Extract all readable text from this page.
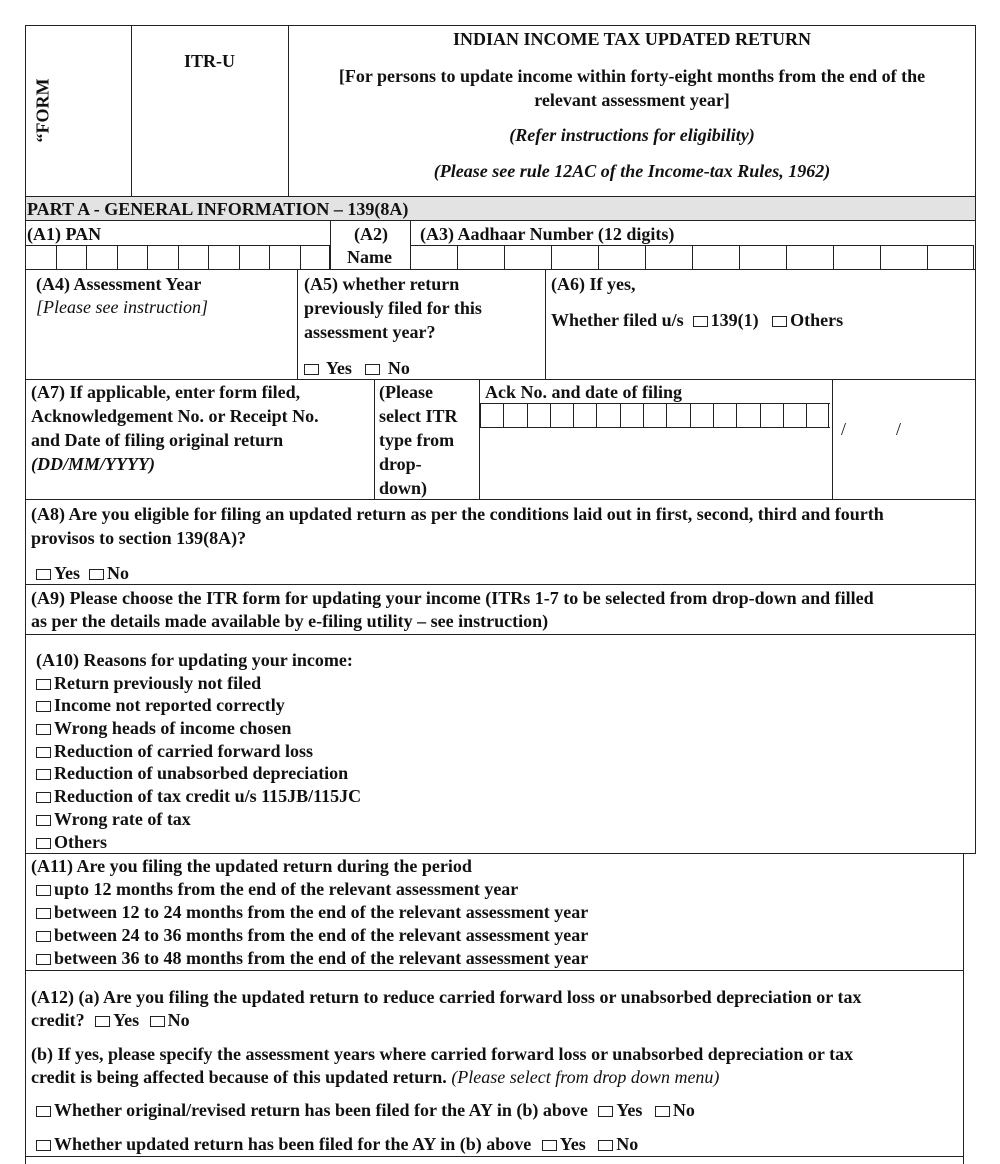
“FORM
ITR-U
INDIAN INCOME TAX UPDATED RETURN
[For persons to update income within forty-eight months from the end of the
relevant assessment year]
(Refer instructions for eligibility)
(Please see rule 12AC of the Income-tax Rules, 1962)
PART A - GENERAL INFORMATION – 139(8A)
(A1) PAN	(A2)
Name
(A3) Aadhaar Number (12 digits)
(A4) Assessment Year
[Please see instruction]
(A5) whether return
previously filed for this
assessment year?
Yes No
(A6) If yes,
Whether filed u/s 139(1) Others
(A7) If applicable, enter form filed,
Acknowledgement No. or Receipt No.
and Date of filing original return
(DD/MM/YYYY)
(Please
select ITR
type from
drop-
down)
Ack No. and date of filing
/	/
(A8) Are you eligible for filing an updated return as per the conditions laid out in first, second, third and fourth
provisos to section 139(8A)?
Yes No
(A9) Please choose the ITR form for updating your income (ITRs 1-7 to be selected from drop-down and filled
as per the details made available by e-filing utility – see instruction)
(A10) Reasons for updating your income:
Return previously not filed
Income not reported correctly
Wrong heads of income chosen
Reduction of carried forward loss
Reduction of unabsorbed depreciation
Reduction of tax credit u/s 115JB/115JC
Wrong rate of tax
Others
(A11) Are you filing the updated return during the period
upto 12 months from the end of the relevant assessment year
between 12 to 24 months from the end of the relevant assessment year
between 24 to 36 months from the end of the relevant assessment year
between 36 to 48 months from the end of the relevant assessment year
(A12) (a) Are you filing the updated return to reduce carried forward loss or unabsorbed depreciation or tax
credit? Yes No
(b) If yes, please specify the assessment years where carried forward loss or unabsorbed depreciation or tax
credit is being affected because of this updated return. (Please select from drop down menu)
Whether original/revised return has been filed for the AY in (b) above Yes No
Whether updated return has been filed for the AY in (b) above Yes No
